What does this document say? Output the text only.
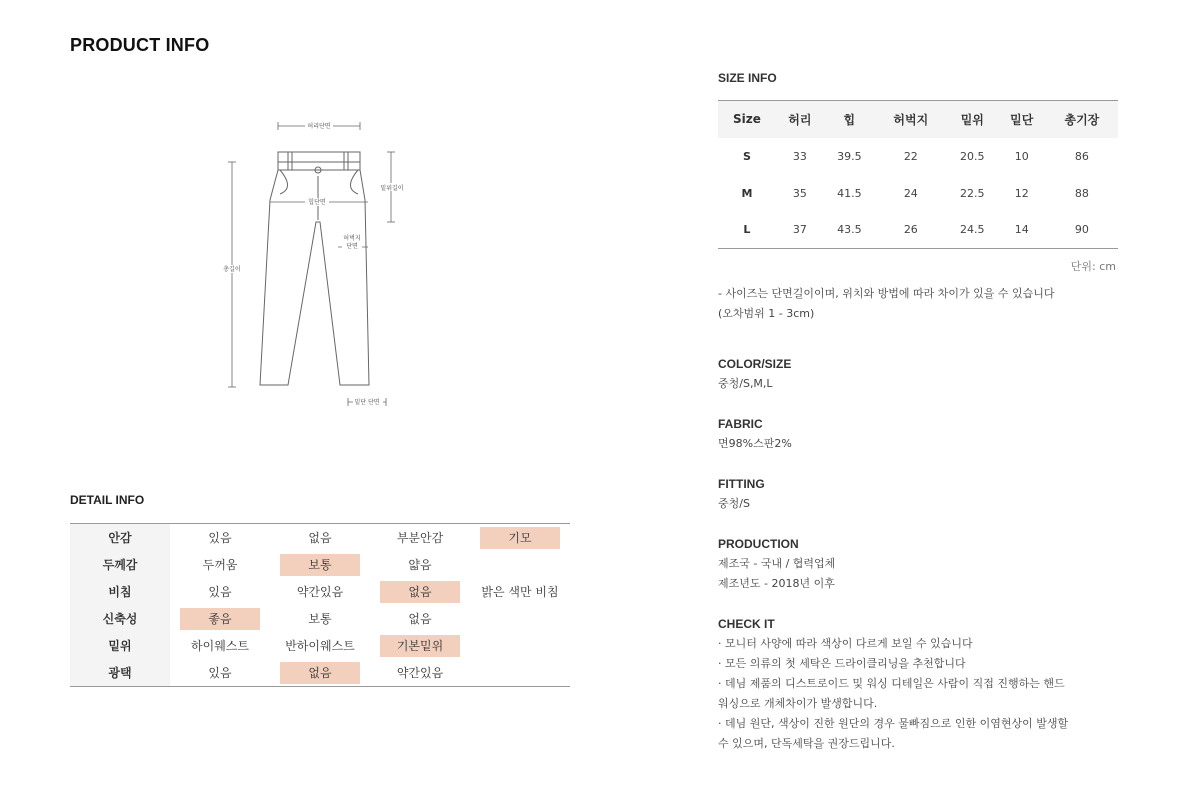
PRODUCT INFO
허리단면
밑위길이
힙단면
허벅지
단면
총길이
밑단 단면
DETAIL INFO
안감	있음	없음	부분안감	기모
두께감	두꺼움	보통	얇음
비침	있음	약간있음	없음	밝은 색만 비침
신축성	좋음	보통	없음
밑위	하이웨스트	반하이웨스트	기본밑위
광택	있음	없음	약간있음
SIZE INFO
Size	허리	힙	허벅지	밑위	밑단	총기장
S	33	39.5	22	20.5	10	86
M	35	41.5	24	22.5	12	88
L	37	43.5	26	24.5	14	90
단위: cm
- 사이즈는 단면길이이며, 위치와 방법에 따라 차이가 있을 수 있습니다
(오차범위 1 - 3cm)
COLOR/SIZE
중청/S,M,L
FABRIC
면98%스판2%
FITTING
중청/S
PRODUCTION
제조국 - 국내 / 협력업체
제조년도 - 2018년 이후
CHECK IT
· 모니터 사양에 따라 색상이 다르게 보일 수 있습니다
· 모든 의류의 첫 세탁은 드라이클리닝을 추천합니다
· 데님 제품의 디스트로이드 및 워싱 디테일은 사람이 직접 진행하는 핸드
워싱으로 개체차이가 발생합니다.
· 데님 원단, 색상이 진한 원단의 경우 물빠짐으로 인한 이염현상이 발생할
수 있으며, 단독세탁을 권장드립니다.
